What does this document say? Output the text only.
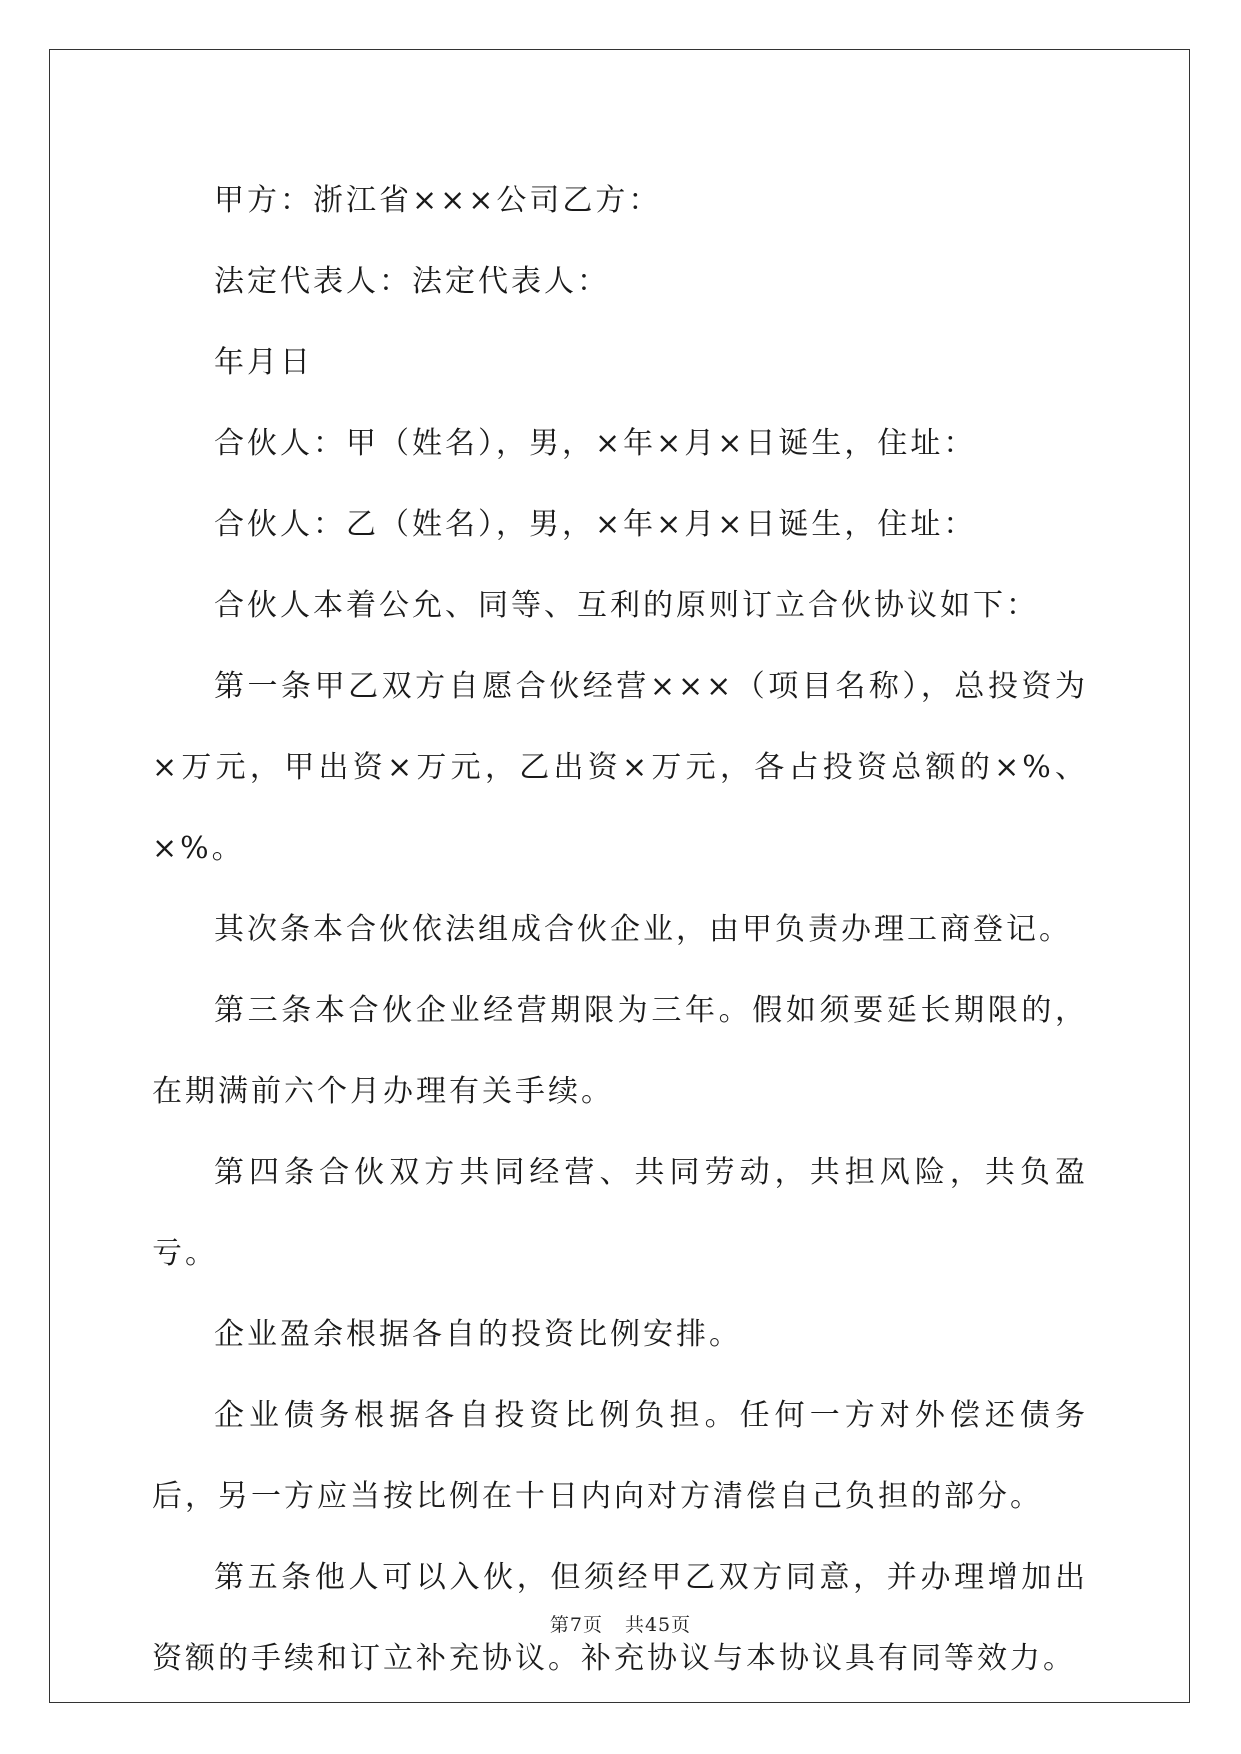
甲方：浙江省×××公司乙方：

法定代表人：法定代表人：

年月日

合伙人：甲（姓名），男，×年×月×日诞生，住址：

合伙人：乙（姓名），男，×年×月×日诞生，住址：

合伙人本着公允、同等、互利的原则订立合伙协议如下：

第一条甲乙双方自愿合伙经营×××（项目名称），总投资为×万元，甲出资×万元，乙出资×万元，各占投资总额的×%、×%。

其次条本合伙依法组成合伙企业，由甲负责办理工商登记。

第三条本合伙企业经营期限为三年。假如须要延长期限的，在期满前六个月办理有关手续。

第四条合伙双方共同经营、共同劳动，共担风险，共负盈亏。

企业盈余根据各自的投资比例安排。

企业债务根据各自投资比例负担。任何一方对外偿还债务后，另一方应当按比例在十日内向对方清偿自己负担的部分。

第五条他人可以入伙，但须经甲乙双方同意，并办理增加出资额的手续和订立补充协议。补充协议与本协议具有同等效力。

第7页 共45页
